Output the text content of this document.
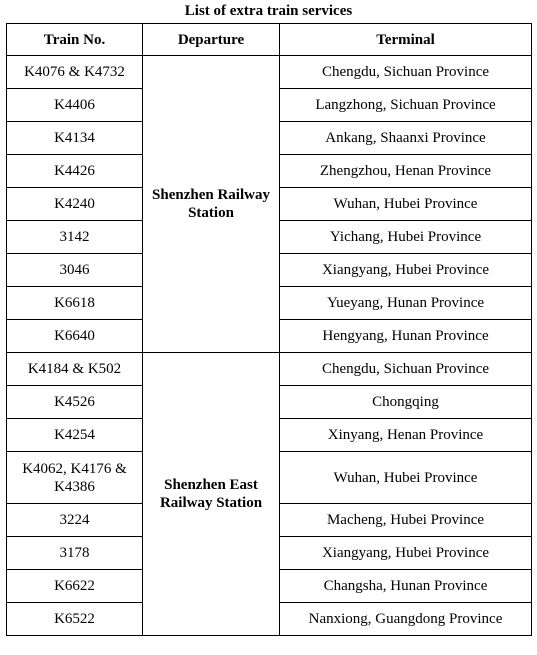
List of extra train services
Train No.	Departure	Terminal
K4076 & K4732	Shenzhen Railway Station	Chengdu, Sichuan Province
K4406		Langzhong, Sichuan Province
K4134		Ankang, Shaanxi Province
K4426		Zhengzhou, Henan Province
K4240		Wuhan, Hubei Province
3142		Yichang, Hubei Province
3046		Xiangyang, Hubei Province
K6618		Yueyang, Hunan Province
K6640		Hengyang, Hunan Province
K4184 & K502	Shenzhen East Railway Station	Chengdu, Sichuan Province
K4526		Chongqing
K4254		Xinyang, Henan Province
K4062, K4176 & K4386		Wuhan, Hubei Province
3224		Macheng, Hubei Province
3178		Xiangyang, Hubei Province
K6622		Changsha, Hunan Province
K6522		Nanxiong, Guangdong Province
